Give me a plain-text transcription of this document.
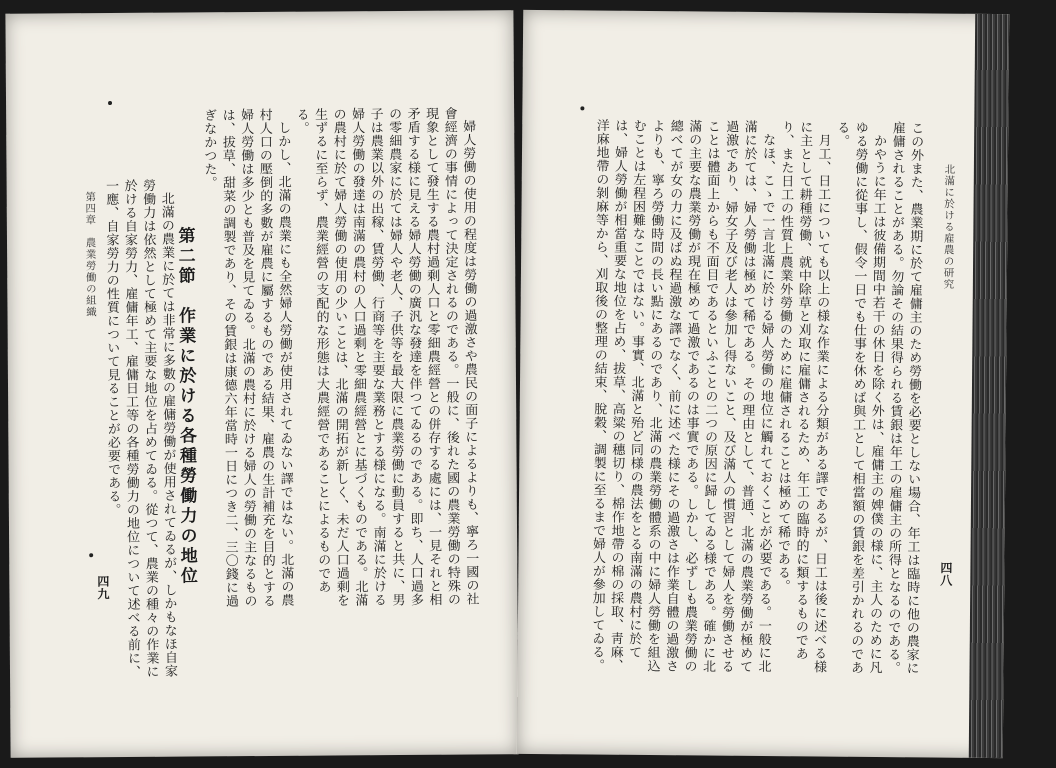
婦人勞働の使用の程度は勞働の過激さや農民の面子によるよりも、寧ろ一國の社會經濟の事情によって決定されるのである。一般に、後れた國の農業勞働の特殊の現象として發生する農村過剩人口と零細農經營との併存する處には、一見それと相矛盾する様に見える婦人勞働の廣汎な發達を伴つてゐるのである。即ち、人口過多の零細農家に於ては婦人や老人、子供等を最大限に農業勞働に動員すると共に、男子は農業以外の出稼、賃勞働、行商等を主要な業務とする様になる。南滿に於ける婦人勞働の發達は南滿の農村の人口過剩と零細農經營とに基づくものである。北滿の農村に於て婦人勞働の使用の少いことは、北滿の開拓が新しく、未だ人口過剩を生ずるに至らず、農業經營の支配的な形態は大農經營であることによるものである。

しかし、北滿の農業にも全然婦人勞働が使用されてゐない譯ではない。北滿の農村人口の壓倒的多數が雇農に屬するものである結果、雇農の生計補充を目的とする婦人勞働は多少とも普及を見てゐる。北滿の農村に於ける婦人の勞働の主なるものは、拔草、甜菜の調製であり、その賃銀は康德六年當時一日につき二、三〇錢に過ぎなかつた。

第二節　作業に於ける各種勞働力の地位

北滿の農業に於ては非常に多數の雇傭勞働が使用されてゐるが、しかもなほ自家勞働力は依然として極めて主要な地位を占めてゐる。從つて、農業の種々の作業に於ける自家勞力、雇傭年工、雇傭日工等の各種勞働力の地位について述べる前に、一應、自家勞力の性質について見ることが必要である。

第四章　農業勞働の組織
四九
北滿に於ける雇農の研究
四八

この外また、農業期に於て雇傭主のため勞働を必要としない場合、年工は臨時に他の農家に雇傭されることがある。勿論その結果得られる賃銀は年工の雇傭主の所得となるのである。

かやうに年工は彼備期間中若干の休日を除く外は、雇傭主の婢僕の様に、主人のために凡ゆる勞働に從事し、假令一日でも仕事を休めば與工として相當額の賃銀を差引かれるのである。

月工、日工についても以上の様な作業による分類がある譯であるが、日工は後に述べる様に主として耕種勞働、就中除草と刈取に雇傭されるため、年工の臨時的に類するものであり、また日工の性質上農業外勞働のために雇傭されることは極めて稀である。

なほ、こゝで一言北滿に於ける婦人勞働の地位に觸れておくことが必要である。一般に北滿に於ては、婦人勞働は極めて稀である。その理由として、普通、北滿の農業勞働が極めて過激であり、婦女子及び老人は參加し得ないこと、及び滿人の慣習として婦人を勞働させることは體面上からも不面目であるといふことの二つの原因に歸してゐる様である。確かに北滿の主要な農業勞働が現在極めて過激であるのは事實である。しかし、必ずしも農業勞働の總べてが女の力に及ばぬ程過激な譯でなく、前に述べた様にその過激さは作業自體の過激さよりも、寧ろ勞働時間の長い點にあるのであり、北滿の農業勞働體系の中に婦人勞働を組込むことは左程困難なことではない。事實、北滿と殆ど同様の農法をとる南滿の農村に於ては、婦人勞働が相當重要な地位を占め、拔草、高粱の穗切り、棉作地帶の棉の採取、靑麻、洋麻地帶の剝麻等から、刈取後の整理の結束、脫穀、調製に至るまで婦人が參加してゐる。
